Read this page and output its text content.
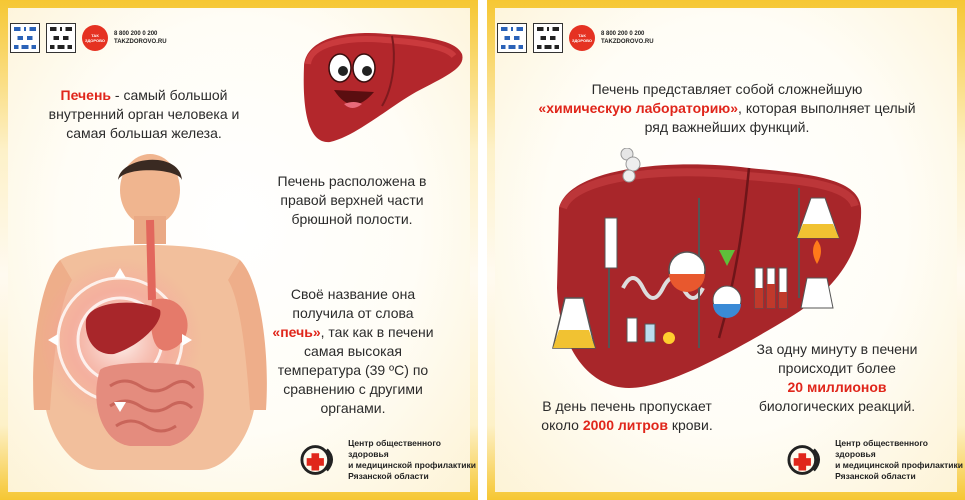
ТАК ЗДОРОВО
8 800 200 0 200
TAKZDOROVO.RU
Печень - самый большой
внутренний орган человека и
самая большая железа.
Печень расположена в
правой верхней части
брюшной полости.
Своё название она
получила от слова
«печь», так как в печени
самая высокая
температура (39 ºС) по
сравнению с другими
органами.
Центр общественного здоровья
и медицинской профилактики
Рязанской области
ТАК ЗДОРОВО
8 800 200 0 200
TAKZDOROVO.RU
Печень представляет собой сложнейшую
«химическую лабораторию», которая выполняет целый
ряд важнейших функций.
За одну минуту в печени
происходит более
20 миллионов
биологических реакций.
В день печень пропускает
около 2000 литров крови.
Центр общественного здоровья
и медицинской профилактики
Рязанской области
